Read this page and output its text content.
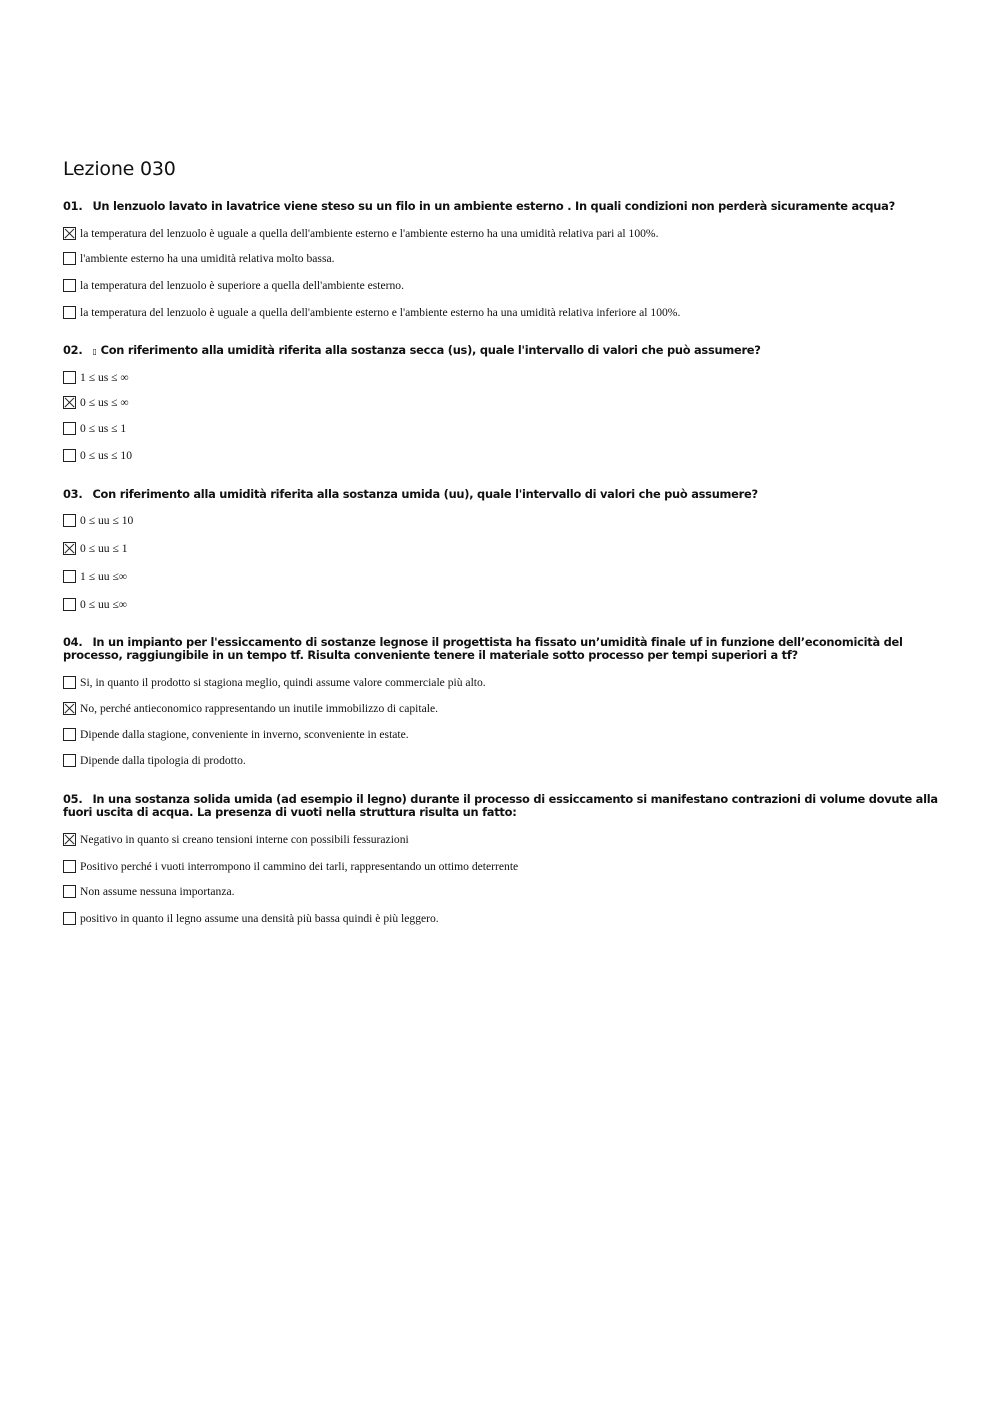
Lezione 030
01. Un lenzuolo lavato in lavatrice viene steso su un filo in un ambiente esterno . In quali condizioni non perderà sicuramente acqua?
la temperatura del lenzuolo è uguale a quella dell'ambiente esterno e l'ambiente esterno ha una umidità relativa pari al 100%.
l'ambiente esterno ha una umidità relativa molto bassa.
la temperatura del lenzuolo è superiore a quella dell'ambiente esterno.
la temperatura del lenzuolo è uguale a quella dell'ambiente esterno e l'ambiente esterno ha una umidità relativa inferiore al 100%.
02. ▯ Con riferimento alla umidità riferita alla sostanza secca (us), quale l'intervallo di valori che può assumere?
1 ≤ us ≤ ∞
0 ≤ us ≤ ∞
0 ≤ us ≤ 1
0 ≤ us ≤ 10
03. Con riferimento alla umidità riferita alla sostanza umida (uu), quale l'intervallo di valori che può assumere?
0 ≤ uu ≤ 10
0 ≤ uu ≤ 1
1 ≤ uu ≤∞
0 ≤ uu ≤∞
04. In un impianto per l'essiccamento di sostanze legnose il progettista ha fissato un’umidità finale uf in funzione dell’economicità del processo, raggiungibile in un tempo tf. Risulta conveniente tenere il materiale sotto processo per tempi superiori a tf?
Si, in quanto il prodotto si stagiona meglio, quindi assume valore commerciale più alto.
No, perché antieconomico rappresentando un inutile immobilizzo di capitale.
Dipende dalla stagione, conveniente in inverno, sconveniente in estate.
Dipende dalla tipologia di prodotto.
05. In una sostanza solida umida (ad esempio il legno) durante il processo di essiccamento si manifestano contrazioni di volume dovute alla fuori uscita di acqua. La presenza di vuoti nella struttura risulta un fatto:
Negativo in quanto si creano tensioni interne con possibili fessurazioni
Positivo perché i vuoti interrompono il cammino dei tarli, rappresentando un ottimo deterrente
Non assume nessuna importanza.
positivo in quanto il legno assume una densità più bassa quindi è più leggero.
